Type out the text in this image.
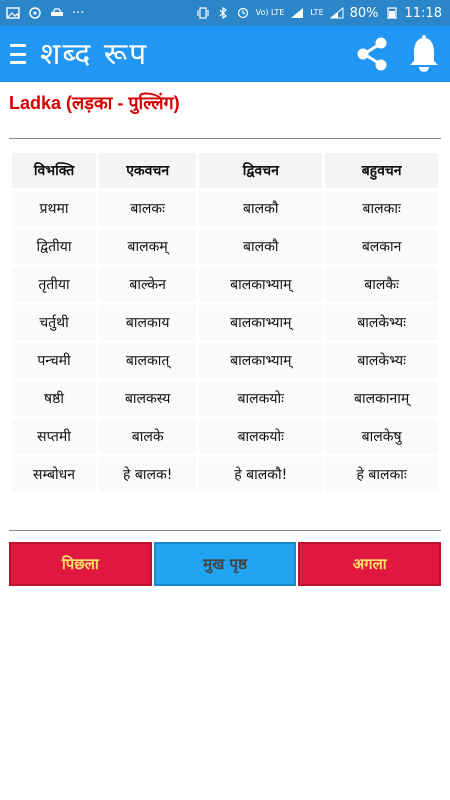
···	Vo) LTE	LTE 80% 11:18
शब्द रूप
Ladka (लड़का - पुल्लिंग)
विभक्ति	एकवचन	द्विवचन	बहुवचन
प्रथमा	बालकः	बालकौ	बालकाः
द्वितीया	बालकम्	बालकौ	बलकान
तृतीया	बाल्केन	बालकाभ्याम्	बालकैः
चर्तुथी	बालकाय	बालकाभ्याम्	बालकेभ्यः
पन्चमी	बालकात्	बालकाभ्याम्	बालकेभ्यः
षष्ठी	बालकस्य	बालकयोः	बालकानाम्
सप्तमी	बालके	बालकयोः	बालकेषु
सम्बोधन	हे बालक!	हे बालकौ!	हे बालकाः
पिछला	मुख पृष्ठ	अगला
